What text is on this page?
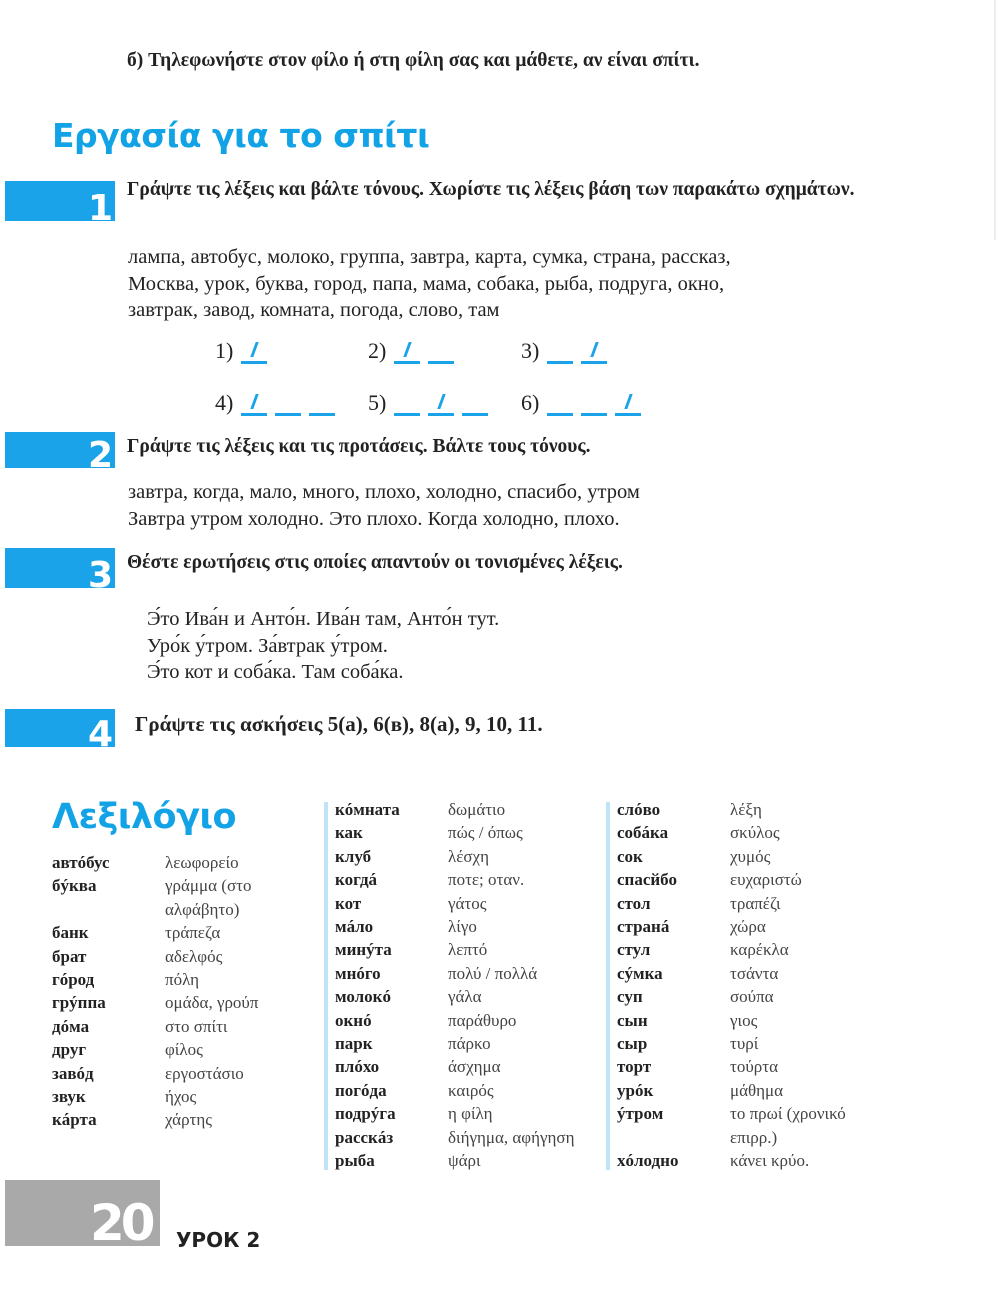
б) Τηλεφωνήστε στον φίλο ή στη φίλη σας και μάθετε, αν είναι σπίτι.
Εργασία για το σπίτι
1 Γράψτε τις λέξεις και βάλτε τόνους. Χωρίστε τις λέξεις βάση των παρακάτω σχημάτων.
лампа, автобус, молоко, группа, завтра, карта, сумка, страна, рассказ,
Москва, урок, буква, город, папа, мама, собака, рыба, подруга, окно,
завтрак, завод, комната, погода, слово, там
1)	2)	3)
4)	5)	6)
2 Γράψτε τις λέξεις και τις προτάσεις. Βάλτε τους τόνους.
завтра, когда, мало, много, плохо, холодно, спасибо, утром
Завтра утром холодно. Это плохо. Когда холодно, плохо.
3 Θέστε ερωτήσεις στις οποίες απαντούν οι τονισμένες λέξεις.
Э́то Ива́н и Анто́н. Ива́н там, Анто́н тут.
Уро́к у́тром. За́втрак у́тром.
Э́то кот и соба́ка. Там соба́ка.
4 Γράψτε τις ασκήσεις 5(а), 6(в), 8(а), 9, 10, 11.
Λεξιλόγιο
автóбус	λεωφορείο
бýква	γράμμα (στο
αλφάβητο)
банк	τράπεζα
брат	αδελφός
гóрод	πόλη
грýппа	ομάδα, γρούπ
дóма	στο σπίτι
друг	φίλος
завóд	εργοστάσιο
звук	ήχος
кáрта	χάρτης
кóмната	δωμάτιο
как	πώς / όπως
клуб	λέσχη
когдá	ποτε; οταν.
кот	γάτος
мáло	λίγο
минýта	λεπτό
мнóго	πολύ / πολλά
молокó	γάλα
окнó	παράθυρο
парк	πάρκο
плóхо	άσχημα
погóда	καιρός
подрýга	η φίλη
расскáз	διήγημα, αφήγηση
рыба	ψάρι
слóво	λέξη
собáка	σκύλος
сок	χυμός
спасйбо	ευχαριστώ
стол	τραπέζι
странá	χώρα
стул	καρέκλα
сýмка	τσάντα
суп	σούπα
сын	γιος
сыр	τυρί
торт	τούρτα
урóк	μάθημα
ýтром	το πρωί (χρονικό
επιρρ.)
хóлодно	κάνει κρύο.
20 УРОК 2
